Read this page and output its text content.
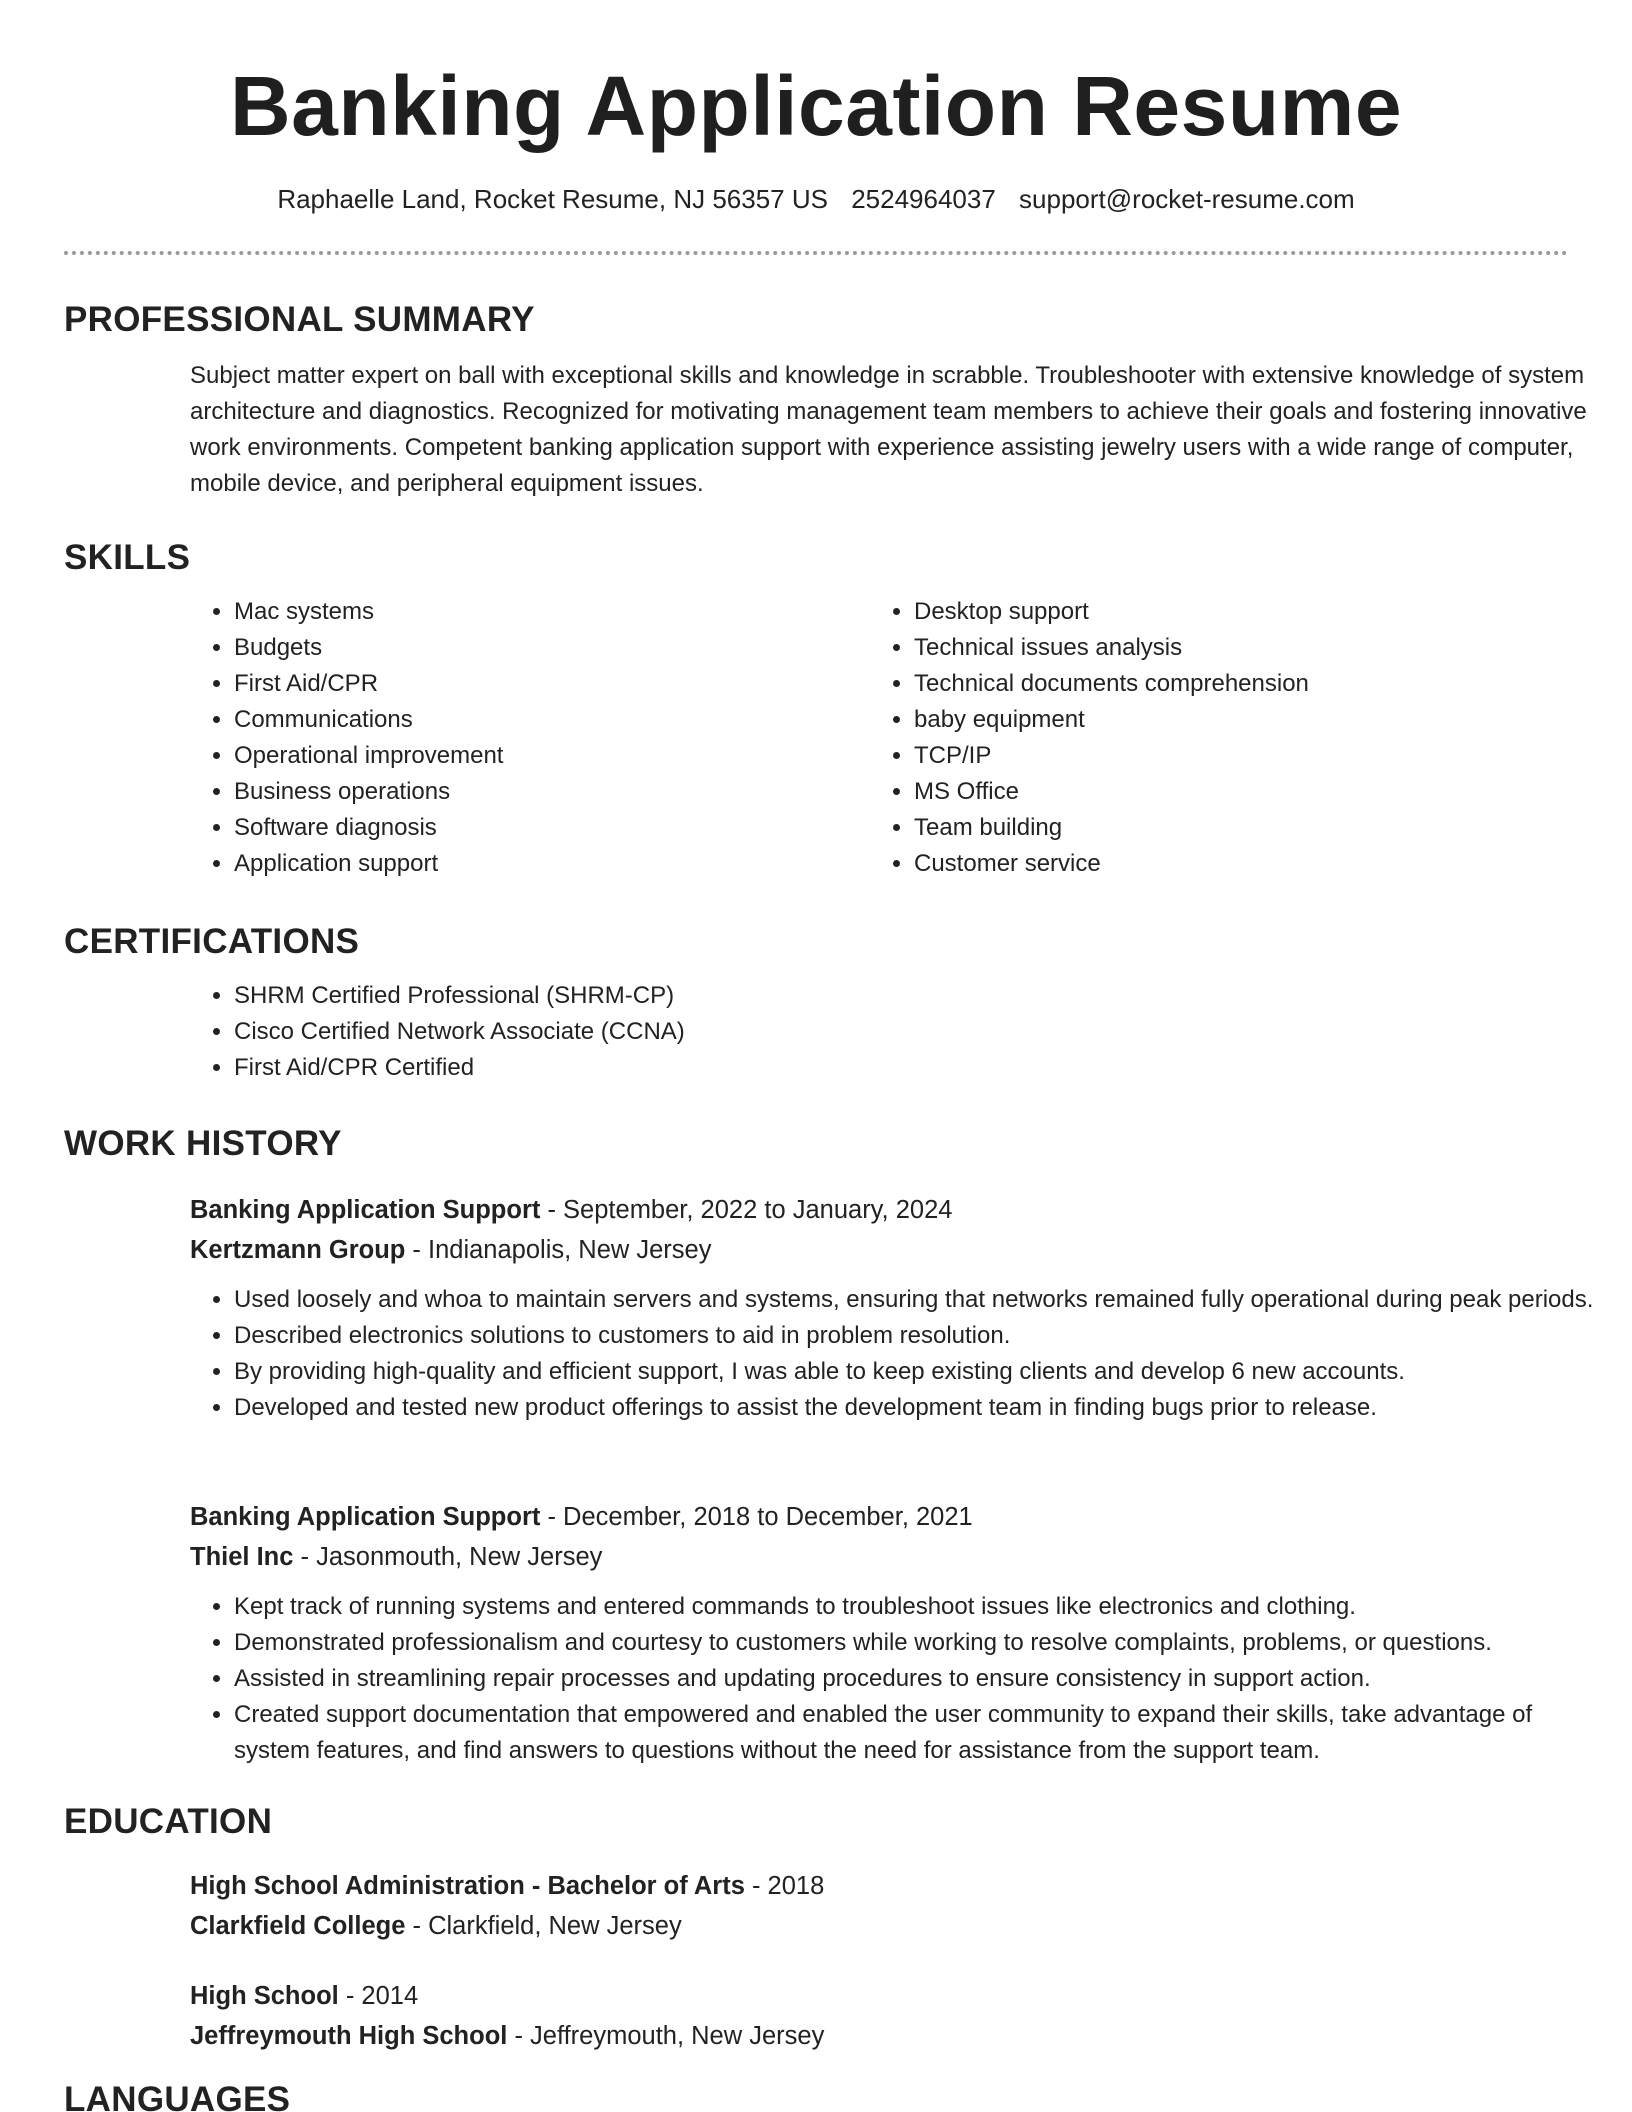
Banking Application Resume
Raphaelle Land, Rocket Resume, NJ 56357 US 2524964037 support@rocket-resume.com
PROFESSIONAL SUMMARY

Subject matter expert on ball with exceptional skills and knowledge in scrabble. Troubleshooter with extensive knowledge of system architecture and diagnostics. Recognized for motivating management team members to achieve their goals and fostering innovative work environments. Competent banking application support with experience assisting jewelry users with a wide range of computer, mobile device, and peripheral equipment issues.

SKILLS
• Mac systems
• Budgets
• First Aid/CPR
• Communications
• Operational improvement
• Business operations
• Software diagnosis
• Application support
• Desktop support
• Technical issues analysis
• Technical documents comprehension
• baby equipment
• TCP/IP
• MS Office
• Team building
• Customer service
CERTIFICATIONS
• SHRM Certified Professional (SHRM-CP)
• Cisco Certified Network Associate (CCNA)
• First Aid/CPR Certified
WORK HISTORY
Banking Application Support - September, 2022 to January, 2024
Kertzmann Group - Indianapolis, New Jersey
• Used loosely and whoa to maintain servers and systems, ensuring that networks remained fully operational during peak periods.
• Described electronics solutions to customers to aid in problem resolution.
• By providing high-quality and efficient support, I was able to keep existing clients and develop 6 new accounts.
• Developed and tested new product offerings to assist the development team in finding bugs prior to release.
Banking Application Support - December, 2018 to December, 2021
Thiel Inc - Jasonmouth, New Jersey
• Kept track of running systems and entered commands to troubleshoot issues like electronics and clothing.
• Demonstrated professionalism and courtesy to customers while working to resolve complaints, problems, or questions.
• Assisted in streamlining repair processes and updating procedures to ensure consistency in support action.
• Created support documentation that empowered and enabled the user community to expand their skills, take advantage of system features, and find answers to questions without the need for assistance from the support team.
EDUCATION
High School Administration - Bachelor of Arts - 2018
Clarkfield College - Clarkfield, New Jersey
High School - 2014
Jeffreymouth High School - Jeffreymouth, New Jersey
LANGUAGES
